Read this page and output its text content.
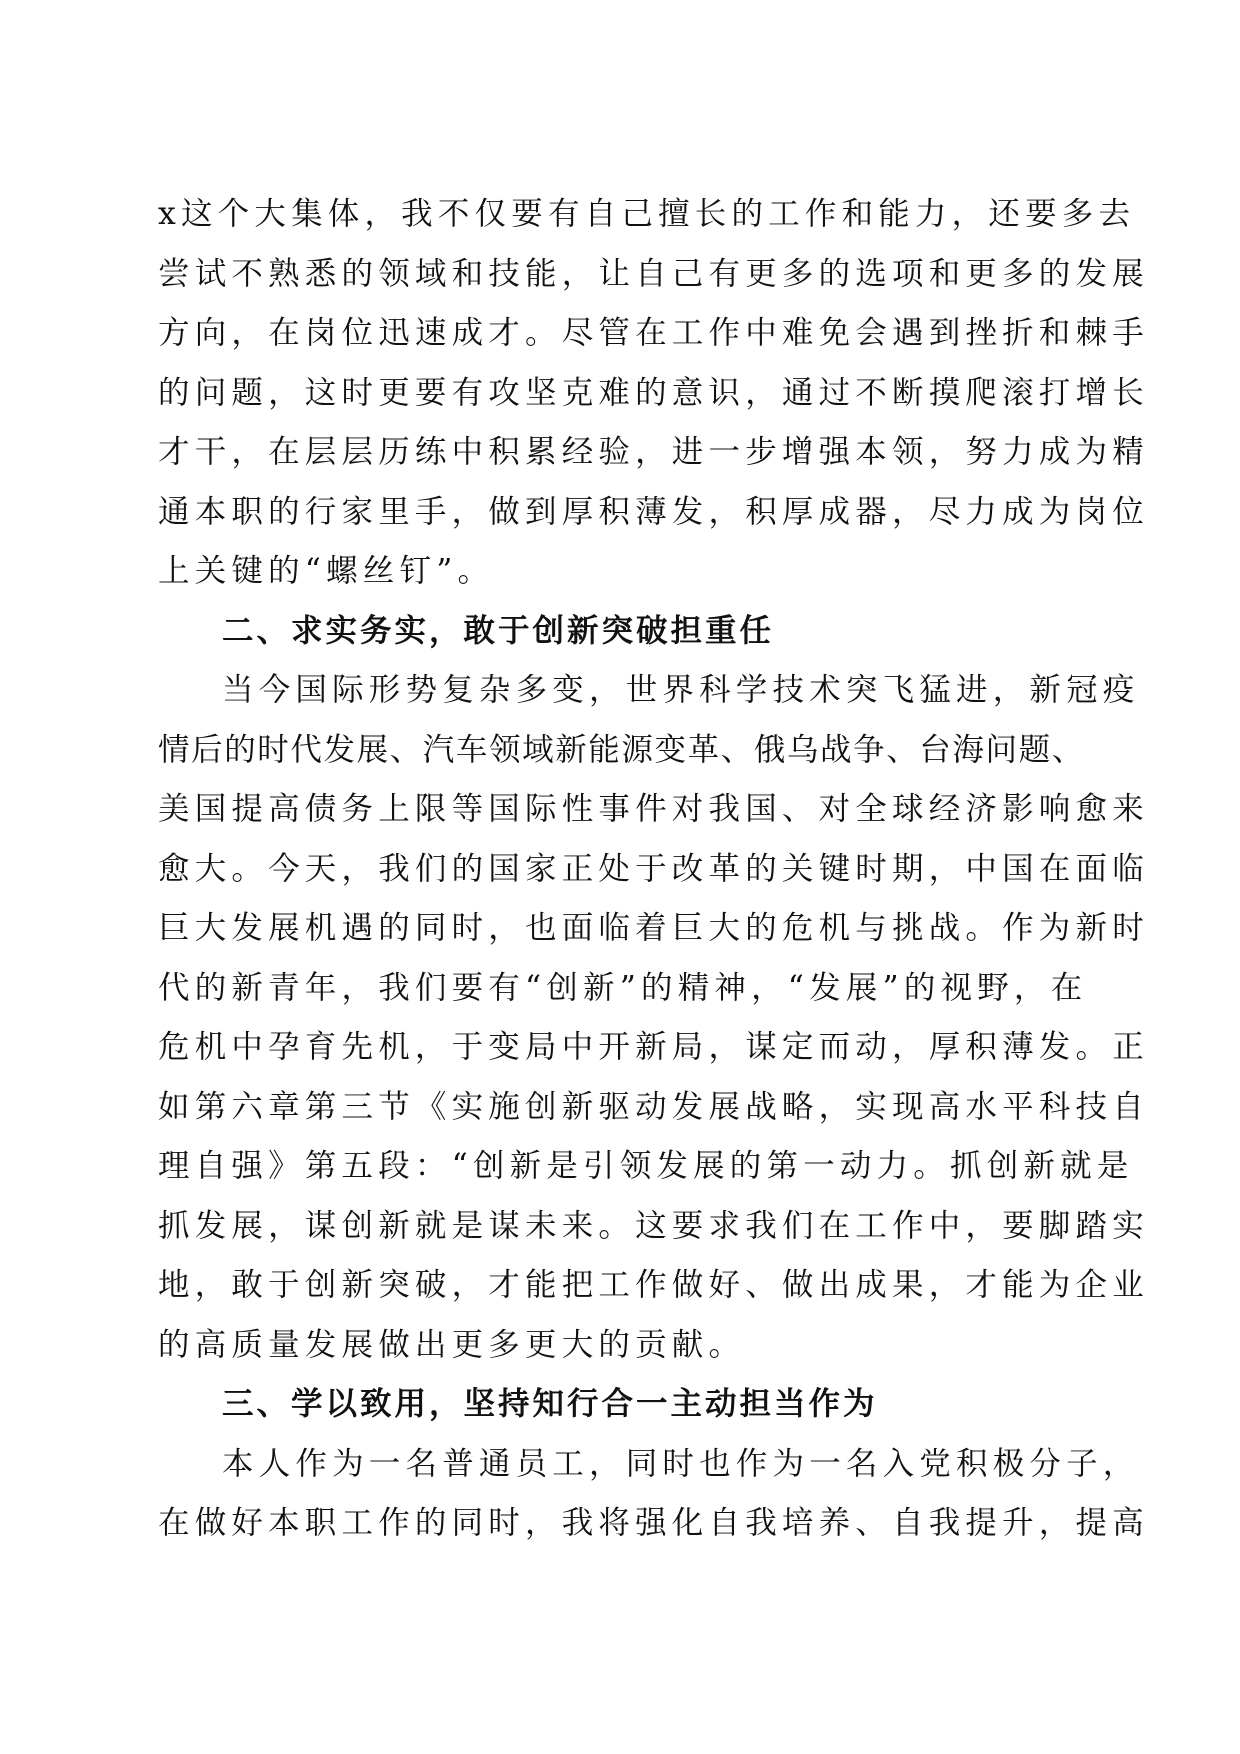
x这个大集体，我不仅要有自己擅长的工作和能力，还要多去
尝试不熟悉的领域和技能，让自己有更多的选项和更多的发展
方向，在岗位迅速成才。尽管在工作中难免会遇到挫折和棘手
的问题，这时更要有攻坚克难的意识，通过不断摸爬滚打增长
才干，在层层历练中积累经验，进一步增强本领，努力成为精
通本职的行家里手，做到厚积薄发，积厚成器，尽力成为岗位
上关键的“螺丝钉”。
二、求实务实，敢于创新突破担重任
当今国际形势复杂多变，世界科学技术突飞猛进，新冠疫
情后的时代发展、汽车领域新能源变革、俄乌战争、台海问题、
美国提高债务上限等国际性事件对我国、对全球经济影响愈来
愈大。今天，我们的国家正处于改革的关键时期，中国在面临
巨大发展机遇的同时，也面临着巨大的危机与挑战。作为新时
代的新青年，我们要有“创新”的精神，“发展”的视野，在
危机中孕育先机，于变局中开新局，谋定而动，厚积薄发。正
如第六章第三节《实施创新驱动发展战略，实现高水平科技自
理自强》第五段：“创新是引领发展的第一动力。抓创新就是
抓发展，谋创新就是谋未来。这要求我们在工作中，要脚踏实
地，敢于创新突破，才能把工作做好、做出成果，才能为企业
的高质量发展做出更多更大的贡献。
三、学以致用，坚持知行合一主动担当作为
本人作为一名普通员工，同时也作为一名入党积极分子，
在做好本职工作的同时，我将强化自我培养、自我提升，提高
